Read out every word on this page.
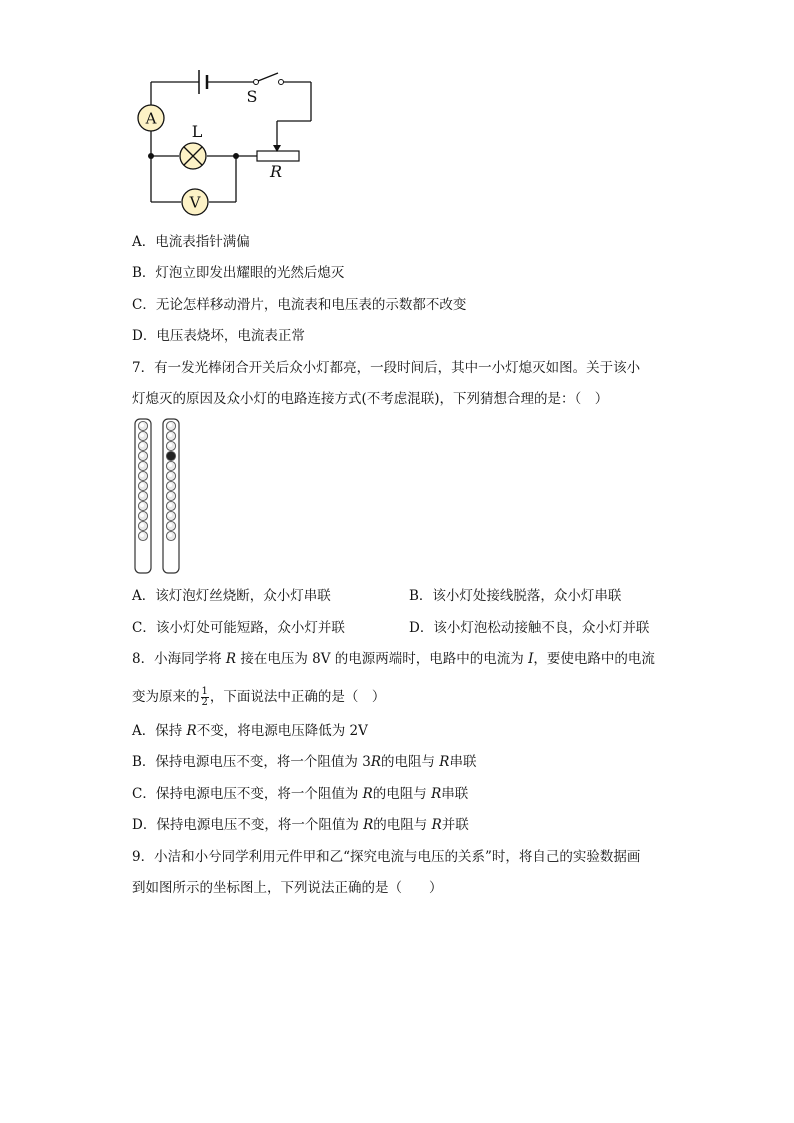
A
L
V
S
R
A．电流表指针满偏
B．灯泡立即发出耀眼的光然后熄灭
C．无论怎样移动滑片，电流表和电压表的示数都不改变
D．电压表烧坏，电流表正常
7．有一发光棒闭合开关后众小灯都亮，一段时间后，其中一小灯熄灭如图。关于该小
灯熄灭的原因及众小灯的电路连接方式(不考虑混联)，下列猜想合理的是：（　）
A．该灯泡灯丝烧断，众小灯串联	B．该小灯处接线脱落，众小灯串联
C．该小灯处可能短路，众小灯并联	D．该小灯泡松动接触不良，众小灯并联
8．小海同学将 R 接在电压为 8V 的电源两端时，电路中的电流为 I，要使电路中的电流
变为原来的 $\frac{1}{2}$ ，下面说法中正确的是（　）
A．保持 R不变，将电源电压降低为 2V
B．保持电源电压不变，将一个阻值为 3R的电阻与 R串联
C．保持电源电压不变，将一个阻值为 R的电阻与 R串联
D．保持电源电压不变，将一个阻值为 R的电阻与 R并联
9．小洁和小兮同学利用元件甲和乙“探究电流与电压的关系”时，将自己的实验数据画
到如图所示的坐标图上，下列说法正确的是（　　）
